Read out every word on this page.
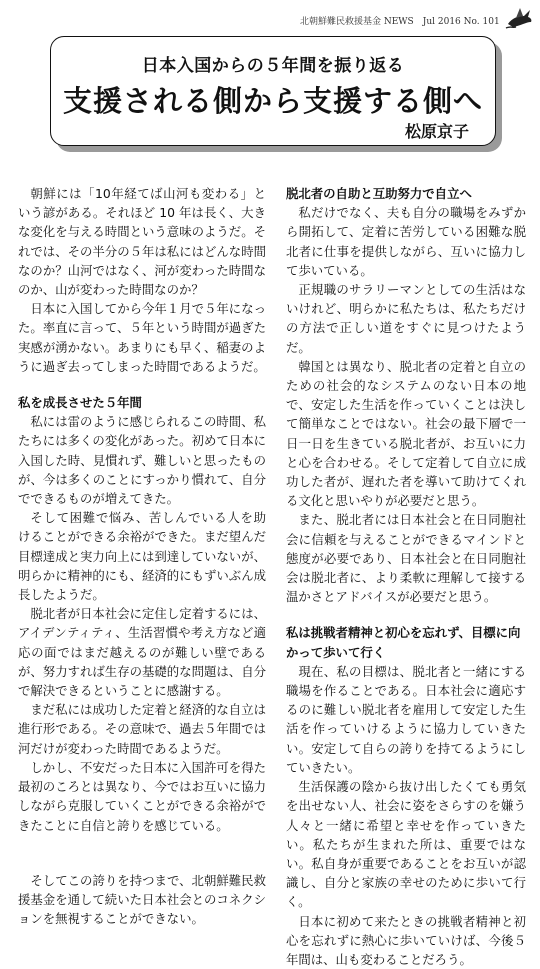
北朝鮮難民救援基金 NEWS　Jul 2016 No. 101
日本入国からの５年間を振り返る
支援される側から支援する側へ
松原京子

朝鮮には「10年経てば山河も変わる」という諺がある。それほど 10 年は長く、大きな変化を与える時間という意味のようだ。それでは、その半分の５年は私にはどんな時間なのか？山河ではなく、河が変わった時間なのか、山が変わった時間なのか？

日本に入国してから今年１月で５年になった。率直に言って、５年という時間が過ぎた実感が湧かない。あまりにも早く、稲妻のように過ぎ去ってしまった時間であるようだ。

私を成長させた５年間

私には雷のように感じられるこの時間、私たちには多くの変化があった。初めて日本に入国した時、見慣れず、難しいと思ったものが、今は多くのことにすっかり慣れて、自分でできるものが増えてきた。

そして困難で悩み、苦しんでいる人を助けることができる余裕ができた。まだ望んだ目標達成と実力向上には到達していないが、明らかに精神的にも、経済的にもずいぶん成長したようだ。

脱北者が日本社会に定住し定着するには、アイデンティティ、生活習慣や考え方など適応の面ではまだ越えるのが難しい壁であるが、努力すれば生存の基礎的な問題は、自分で解決できるということに感謝する。

まだ私には成功した定着と経済的な自立は進行形である。その意味で、過去５年間では河だけが変わった時間であるようだ。

しかし、不安だった日本に入国許可を得た最初のころとは異なり、今ではお互いに協力しながら克服していくことができる余裕ができたことに自信と誇りを感じている。

そしてこの誇りを持つまで、北朝鮮難民救援基金を通して続いた日本社会とのコネクションを無視することができない。

脱北者の自助と互助努力で自立へ

私だけでなく、夫も自分の職場をみずから開拓して、定着に苦労している困難な脱北者に仕事を提供しながら、互いに協力して歩いている。

正規職のサラリーマンとしての生活はないけれど、明らかに私たちは、私たちだけの方法で正しい道をすぐに見つけたようだ。

韓国とは異なり、脱北者の定着と自立のための社会的なシステムのない日本の地で、安定した生活を作っていくことは決して簡単なことではない。社会の最下層で一日一日を生きている脱北者が、お互いに力と心を合わせる。そして定着して自立に成功した者が、遅れた者を導いて助けてくれる文化と思いやりが必要だと思う。

また、脱北者には日本社会と在日同胞社会に信頼を与えることができるマインドと態度が必要であり、日本社会と在日同胞社会は脱北者に、より柔軟に理解して接する温かさとアドバイスが必要だと思う。

私は挑戦者精神と初心を忘れず、目標に向かって歩いて行く

現在、私の目標は、脱北者と一緒にする職場を作ることである。日本社会に適応するのに難しい脱北者を雇用して安定した生活を作っていけるように協力していきたい。安定して自らの誇りを持てるようにしていきたい。

生活保護の陰から抜け出したくても勇気を出せない人、社会に姿をさらすのを嫌う人々と一緒に希望と幸せを作っていきたい。私たちが生まれた所は、重要ではない。私自身が重要であることをお互いが認識し、自分と家族の幸せのために歩いて行く。

日本に初めて来たときの挑戦者精神と初心を忘れずに熱心に歩いていけば、今後５年間は、山も変わることだろう。
